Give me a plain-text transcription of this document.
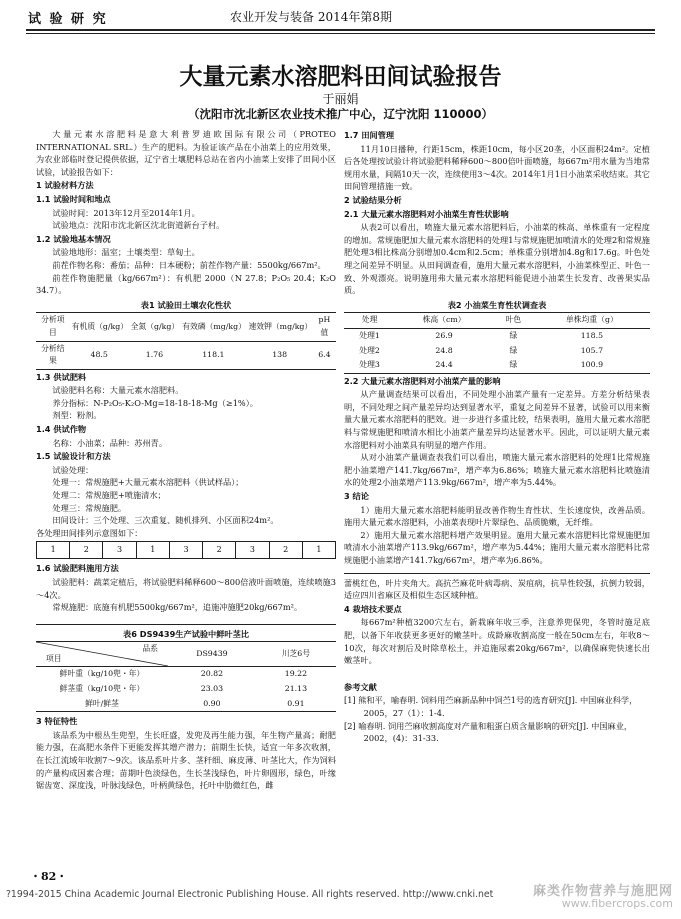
试 验 研 究	农业开发与装备 2014年第8期
大量元素水溶肥料田间试验报告
于丽娟
（沈阳市沈北新区农业技术推广中心，辽宁沈阳 110000）

大量元素水溶肥料是意大利普罗迪欧国际有限公司（PROTEO INTERNATIONAL SRL.）生产的肥料。为验证该产品在小油菜上的应用效果，为农业部临时登记提供依据，辽宁省土壤肥料总站在省内小油菜上安排了田间小区试验，试验报告如下：

1 试验材料方法
1.1 试验时间和地点

试验时间：2013年12月至2014年1月。

试验地点：沈阳市沈北新区沈北街道新台子村。

1.2 试验地基本情况

试验地地形：温室；土壤类型：草甸土。

前茬作物名称：番茄；品种：日本硬粉；前茬作物产量：5500kg/667m²。

前茬作物施肥量（kg/667m²）：有机肥 2000（N 27.8；P₂O₅ 20.4；K₂O 34.7）。

表1 试验田土壤农化性状
分析项目	有机质（g/kg）	全氮（g/kg）	有效磷（mg/kg）	速效钾（mg/kg）	pH值
分析结果	48.5	1.76	118.1	138	6.4
1.3 供试肥料

试验肥料名称：大量元素水溶肥料。

养分指标：N-P₂O₅-K₂O-Mg=18-18-18-Mg（≥1%）。

剂型：粉剂。

1.4 供试作物

名称：小油菜；品种：苏州青。

1.5 试验设计和方法

试验处理：

处理一：常规施肥+大量元素水溶肥料（供试样品）；

处理二：常规施肥+喷施清水；

处理三：常规施肥。

田间设计：三个处理、三次重复、随机排列、小区面积24m²。

各处理田间排列示意图如下：

1	2	3	1	3	2	3	2	1
1.6 试验肥料施用方法

试验肥料：蔬菜定植后，将试验肥料稀释600～800倍液叶面喷施，连续喷施3～4次。

常规施肥：底施有机肥5500kg/667m²，追施冲施肥20kg/667m²。

表6 DS9439生产试验中鲜叶茎比
品系
项目	DS9439	川芝6号
鲜叶重（kg/10兜・年）	20.82	19.22
鲜茎重（kg/10兜・年）	23.03	21.13
鲜叶/鲜茎	0.90	0.91
3 特征特性

该品系为中根丛生兜型，生长旺盛，发兜及再生能力强，年生物产量高；耐肥能力强，在高肥水条件下更能发挥其增产潜力；前期生长快，适宜一年多次收割，在长江流域年收割7～9次。该品系叶片多、茎秆细、麻皮薄、叶茎比大，作为饲料的产量构成因素合理；苗期叶色淡绿色，生长茎浅绿色，叶片卵圆形，绿色，叶缘锯齿宽、深度浅，叶脉浅绿色，叶柄黄绿色，托叶中肋微红色，雌

1.7 田间管理

11月10日播种，行距15cm，株距10cm，每小区20垄，小区面积24m²。定植后各处理按试验计将试验肥料稀释600～800倍叶面喷施，每667m²用水量为当地常规用水量，间隔10天一次，连续使用3～4次。2014年1月1日小油菜采收结束。其它田间管理措施一致。

2 试验结果分析
2.1 大量元素水溶肥料对小油菜生育性状影响

从表2可以看出，喷施大量元素水溶肥料后，小油菜的株高、单株重有一定程度的增加。常规施肥加大量元素水溶肥料的处理1与常规施肥加喷清水的处理2和常规施肥处理3相比株高分别增加0.4cm和2.5cm；单株重分别增加4.8g和17.6g。叶色处理之间差异不明显。从田间调查看，施用大量元素水溶肥料，小油菜株型正、叶色一致、外观漂亮。说明施用弗大量元素水溶肥料能促进小油菜生长发育、改善果实品质。

表2 小油菜生育性状调查表
处理	株高（cm）	叶色	单株均重（g）
处理1	26.9	绿	118.5
处理2	24.8	绿	105.7
处理3	24.4	绿	100.9
2.2 大量元素水溶肥料对小油菜产量的影响

从产量调查结果可以看出，不同处理小油菜产量有一定差异。方差分析结果表明，不同处理之间产量差异均达到显著水平，重复之间差异不显著，试验可以用来衡量大量元素水溶肥料的肥效。进一步进行多重比较，结果表明，施用大量元素水溶肥料与常规施肥和喷清水相比小油菜产量差异均达显著水平。因此，可以证明大量元素水溶肥料对小油菜具有明显的增产作用。

从对小油菜产量调查表我们可以看出，喷施大量元素水溶肥料的处理1比常规施肥小油菜增产141.7kg/667m²，增产率为6.86%；喷施大量元素水溶肥料比喷施清水的处理2小油菜增产113.9kg/667m²，增产率为5.44%。

3 结论

1）施用大量元素水溶肥料能明显改善作物生育性状、生长速度快，改善品质。施用大量元素水溶肥料，小油菜表现叶片翠绿色、品质脆嫩，无纤维。

2）施用大量元素水溶肥料增产效果明显。施用大量元素水溶肥料比常规施肥加喷清水小油菜增产113.9kg/667m²，增产率为5.44%；施用大量元素水溶肥料比常规施肥小油菜增产141.7kg/667m²，增产率为6.86%。

蕾桃红色，叶片夹角大。高抗苎麻花叶病毒病、炭疽病，抗旱性较强，抗倒力较弱，适应四川省麻区及相似生态区域种植。

4 栽培技术要点

每667m²种植3200穴左右，新栽麻年收三季，注意养兜保兜，冬管时施足底肥，以备下年收获更多更好的嫩茎叶。成龄麻收割高度一般在50cm左右，年收8～10次，每次对割后及时除草松土，并追施尿素20kg/667m²，以确保麻兜快速长出嫩茎叶。

参考文献

[1] 熊和平，喻春明. 饲料用苎麻新品种中饲苎1号的选育研究[J]. 中国麻业科学，2005，27（1）：1-4.

[2] 喻春明. 饲用苎麻收割高度对产量和粗蛋白质含量影响的研究[J]. 中国麻业，2002，(4)：31-33.

・82・
?1994-2015 China Academic Journal Electronic Publishing House. All rights reserved. http://www.cnki.net	麻类作物营养与施肥网
www.fibercrops.com
